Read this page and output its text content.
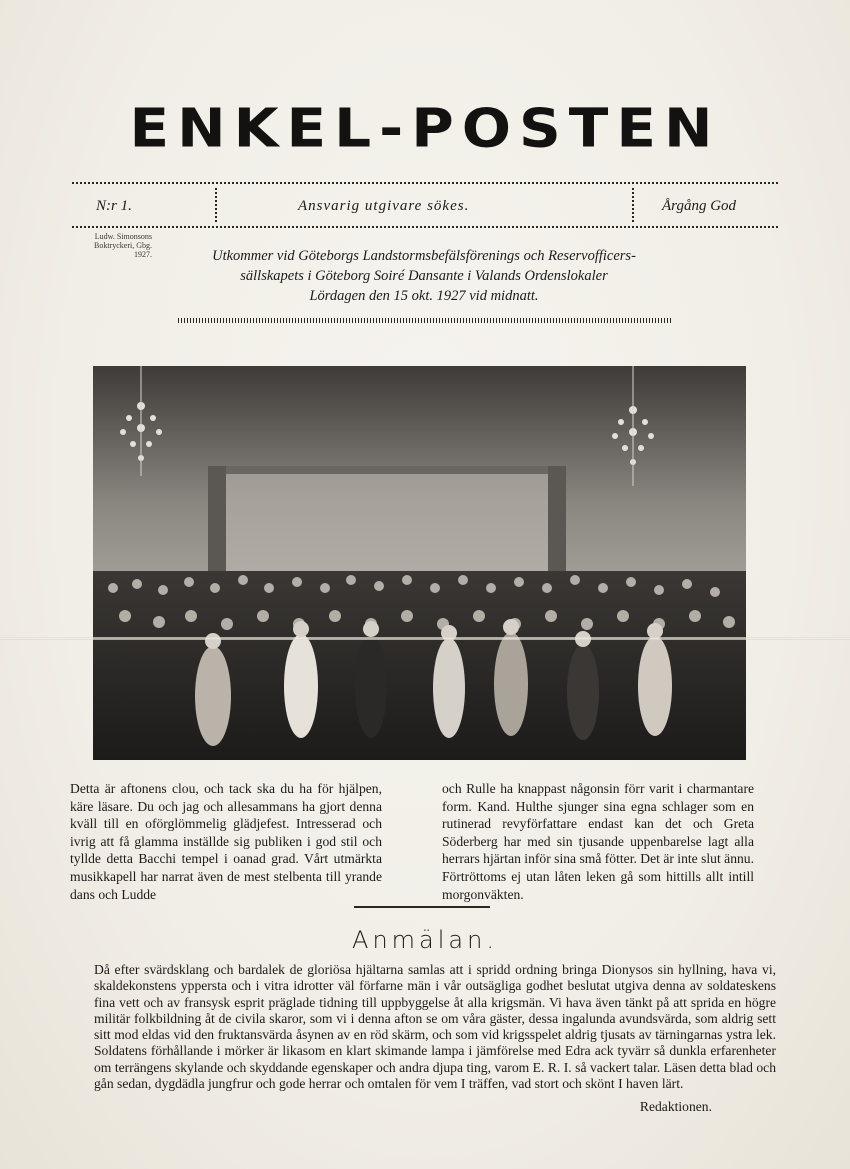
ENKEL-POSTEN
N:r 1.	Ansvarig utgivare sökes.	Årgång God
Ludw. Simonsons
Boktryckeri, Gbg.
1927.	Utkommer vid Göteborgs Landstormsbefälsförenings och Reservofficers-
sällskapets i Göteborg Soiré Dansante i Valands Ordenslokaler
Lördagen den 15 okt. 1927 vid midnatt.
Detta är aftonens clou, och tack ska du ha för hjälpen, käre läsare. Du och jag och allesammans ha gjort denna kväll till en oförglömmelig glädjefest. Intresserad och ivrig att få glamma inställde sig publiken i god stil och tyllde detta Bacchi tempel i oanad grad. Vårt utmärkta musikkapell har narrat även de mest stelbenta till yrande dans och Ludde
och Rulle ha knappast någonsin förr varit i charmantare form. Kand. Hulthe sjunger sina egna schlager som en rutinerad revyförfattare endast kan det och Greta Söderberg har med sin tjusande uppenbarelse lagt alla herrars hjärtan inför sina små fötter. Det är inte slut ännu. Förtröttoms ej utan låten leken gå som hittills allt intill morgonväkten.
Anmälan.
Då efter svärdsklang och bardalek de gloriösa hjältarna samlas att i spridd ordning bringa Dionysos sin hyllning, hava vi, skaldekonstens yppersta och i vitra idrotter väl förfarne män i vår outsägliga godhet beslutat utgiva denna av soldateskens fina vett och av fransysk esprit präglade tidning till uppbyggelse åt alla krigsmän. Vi hava även tänkt på att sprida en högre militär folkbildning åt de civila skaror, som vi i denna afton se om våra gäster, dessa ingalunda avundsvärda, som aldrig sett sitt mod eldas vid den fruktansvärda åsynen av en röd skärm, och som vid krigsspelet aldrig tjusats av tärningarnas ystra lek. Soldatens förhållande i mörker är likasom en klart skimande lampa i jämförelse med Edra ack tyvärr så dunkla erfarenheter om terrängens skylande och skyddande egenskaper och andra djupa ting, varom E. R. I. så vackert talar. Läsen detta blad och gån sedan, dygdädla jungfrur och gode herrar och omtalen för vem I träffen, vad stort och skönt I haven lärt.
Redaktionen.
